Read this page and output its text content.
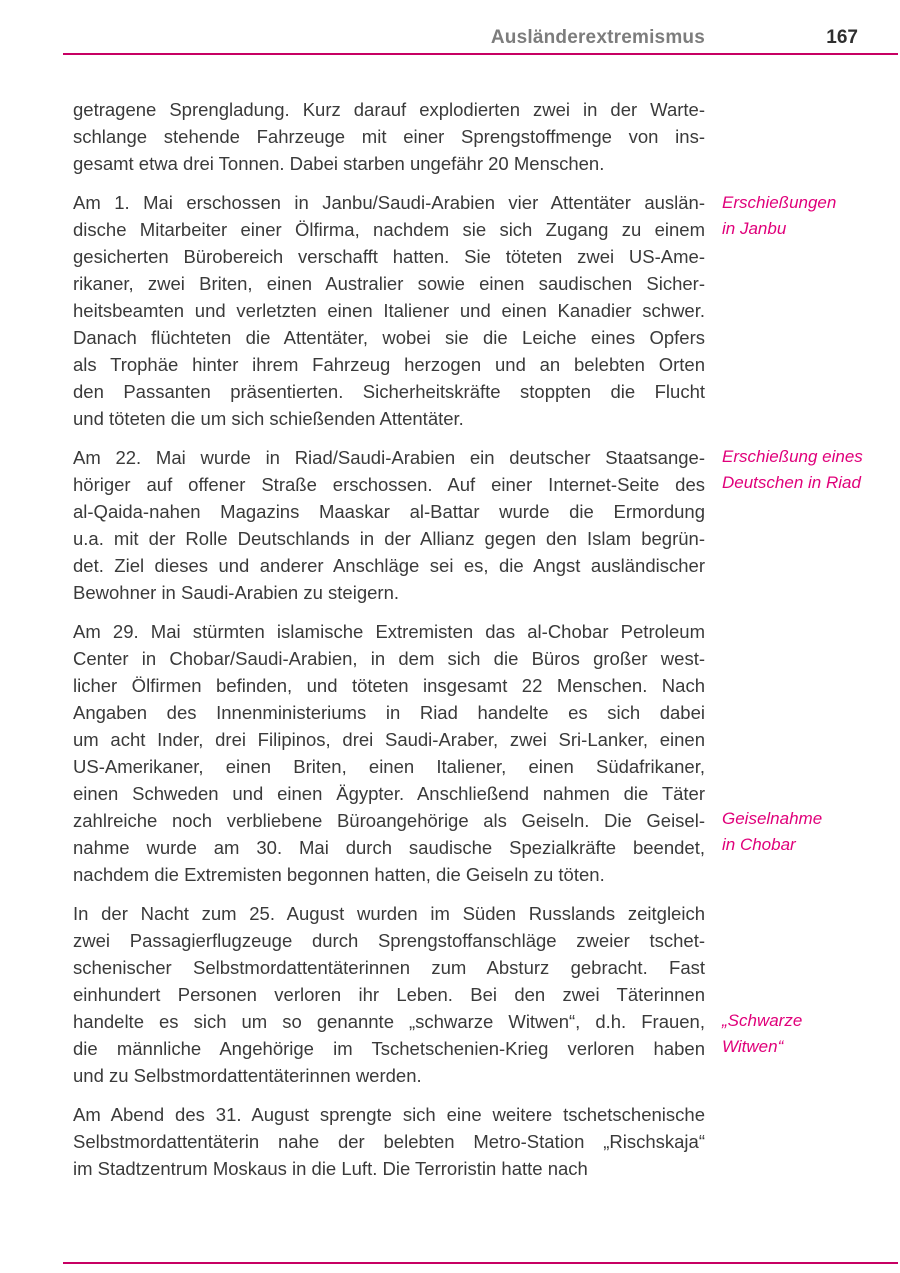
Ausländerextremismus	167
getragene Sprengladung. Kurz darauf explodierten zwei in der Warte-
schlange stehende Fahrzeuge mit einer Sprengstoffmenge von ins-
gesamt etwa drei Tonnen. Dabei starben ungefähr 20 Menschen.
Am 1. Mai erschossen in Janbu/Saudi-Arabien vier Attentäter auslän-
dische Mitarbeiter einer Ölfirma, nachdem sie sich Zugang zu einem
gesicherten Bürobereich verschafft hatten. Sie töteten zwei US-Ame-
rikaner, zwei Briten, einen Australier sowie einen saudischen Sicher-
heitsbeamten und verletzten einen Italiener und einen Kanadier schwer.
Danach flüchteten die Attentäter, wobei sie die Leiche eines Opfers
als Trophäe hinter ihrem Fahrzeug herzogen und an belebten Orten
den Passanten präsentierten. Sicherheitskräfte stoppten die Flucht
und töteten die um sich schießenden Attentäter.
Am 22. Mai wurde in Riad/Saudi-Arabien ein deutscher Staatsange-
höriger auf offener Straße erschossen. Auf einer Internet-Seite des
al-Qaida-nahen Magazins Maaskar al-Battar wurde die Ermordung
u.a. mit der Rolle Deutschlands in der Allianz gegen den Islam begrün-
det. Ziel dieses und anderer Anschläge sei es, die Angst ausländischer
Bewohner in Saudi-Arabien zu steigern.
Am 29. Mai stürmten islamische Extremisten das al-Chobar Petroleum
Center in Chobar/Saudi-Arabien, in dem sich die Büros großer west-
licher Ölfirmen befinden, und töteten insgesamt 22 Menschen. Nach
Angaben des Innenministeriums in Riad handelte es sich dabei
um acht Inder, drei Filipinos, drei Saudi-Araber, zwei Sri-Lanker, einen
US-Amerikaner, einen Briten, einen Italiener, einen Südafrikaner,
einen Schweden und einen Ägypter. Anschließend nahmen die Täter
zahlreiche noch verbliebene Büroangehörige als Geiseln. Die Geisel-
nahme wurde am 30. Mai durch saudische Spezialkräfte beendet,
nachdem die Extremisten begonnen hatten, die Geiseln zu töten.
In der Nacht zum 25. August wurden im Süden Russlands zeitgleich
zwei Passagierflugzeuge durch Sprengstoffanschläge zweier tschet-
schenischer Selbstmordattentäterinnen zum Absturz gebracht. Fast
einhundert Personen verloren ihr Leben. Bei den zwei Täterinnen
handelte es sich um so genannte „schwarze Witwen“, d.h. Frauen,
die männliche Angehörige im Tschetschenien-Krieg verloren haben
und zu Selbstmordattentäterinnen werden.
Am Abend des 31. August sprengte sich eine weitere tschetschenische
Selbstmordattentäterin nahe der belebten Metro-Station „Rischskaja“
im Stadtzentrum Moskaus in die Luft. Die Terroristin hatte nach
Erschießungen
in Janbu
Erschießung eines
Deutschen in Riad
Geiselnahme
in Chobar
„Schwarze
Witwen“
